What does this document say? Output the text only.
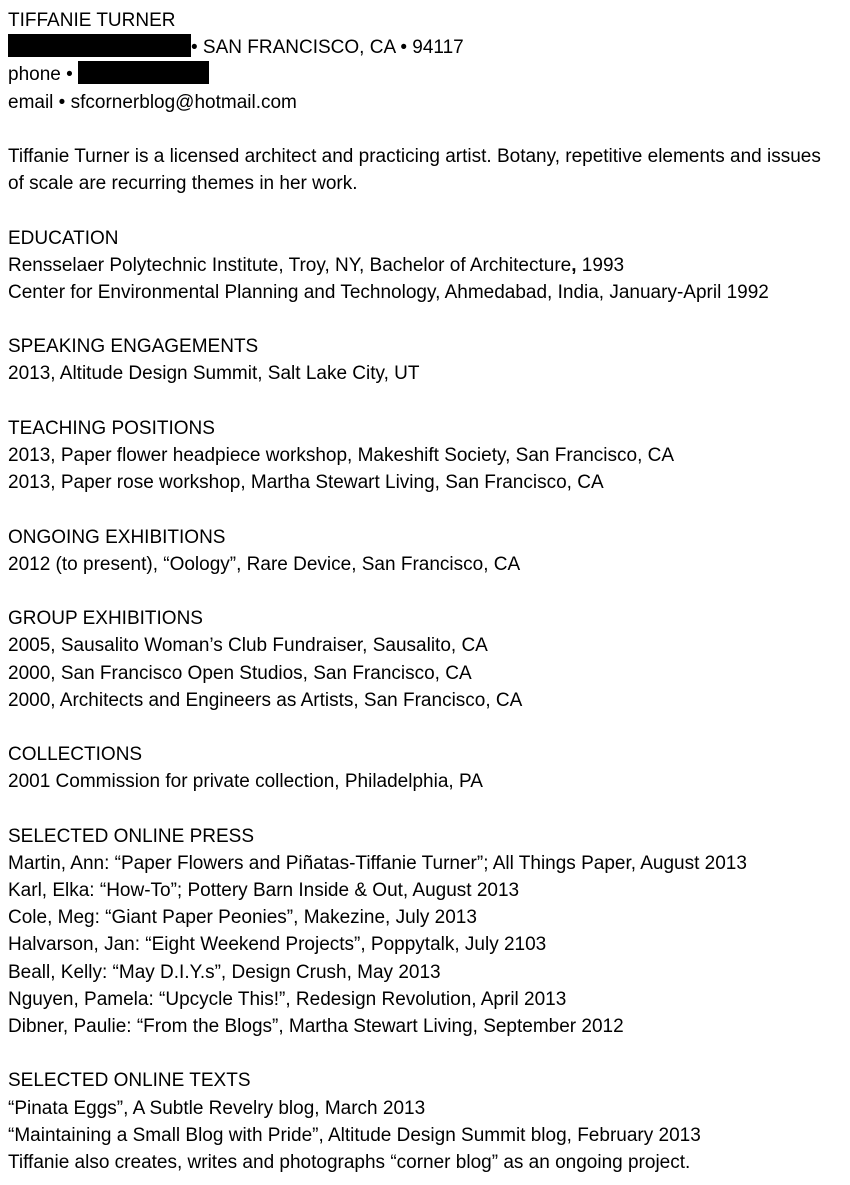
TIFFANIE TURNER
• SAN FRANCISCO, CA • 94117
phone •
email • sfcornerblog@hotmail.com
Tiffanie Turner is a licensed architect and practicing artist. Botany, repetitive elements and issues of scale are recurring themes in her work.
EDUCATION
Rensselaer Polytechnic Institute, Troy, NY, Bachelor of Architecture, 1993
Center for Environmental Planning and Technology, Ahmedabad, India, January-April 1992
SPEAKING ENGAGEMENTS
2013, Altitude Design Summit, Salt Lake City, UT
TEACHING POSITIONS
2013, Paper flower headpiece workshop, Makeshift Society, San Francisco, CA
2013, Paper rose workshop, Martha Stewart Living, San Francisco, CA
ONGOING EXHIBITIONS
2012 (to present), “Oology”, Rare Device, San Francisco, CA
GROUP EXHIBITIONS
2005, Sausalito Woman’s Club Fundraiser, Sausalito, CA
2000, San Francisco Open Studios, San Francisco, CA
2000, Architects and Engineers as Artists, San Francisco, CA
COLLECTIONS
2001 Commission for private collection, Philadelphia, PA
SELECTED ONLINE PRESS
Martin, Ann: “Paper Flowers and Piñatas-Tiffanie Turner”; All Things Paper, August 2013
Karl, Elka: “How-To”; Pottery Barn Inside & Out, August 2013
Cole, Meg: “Giant Paper Peonies”, Makezine, July 2013
Halvarson, Jan: “Eight Weekend Projects”, Poppytalk, July 2103
Beall, Kelly: “May D.I.Y.s”, Design Crush, May 2013
Nguyen, Pamela: “Upcycle This!”, Redesign Revolution, April 2013
Dibner, Paulie: “From the Blogs”, Martha Stewart Living, September 2012
SELECTED ONLINE TEXTS
“Pinata Eggs”, A Subtle Revelry blog, March 2013
“Maintaining a Small Blog with Pride”, Altitude Design Summit blog, February 2013
Tiffanie also creates, writes and photographs “corner blog” as an ongoing project.
